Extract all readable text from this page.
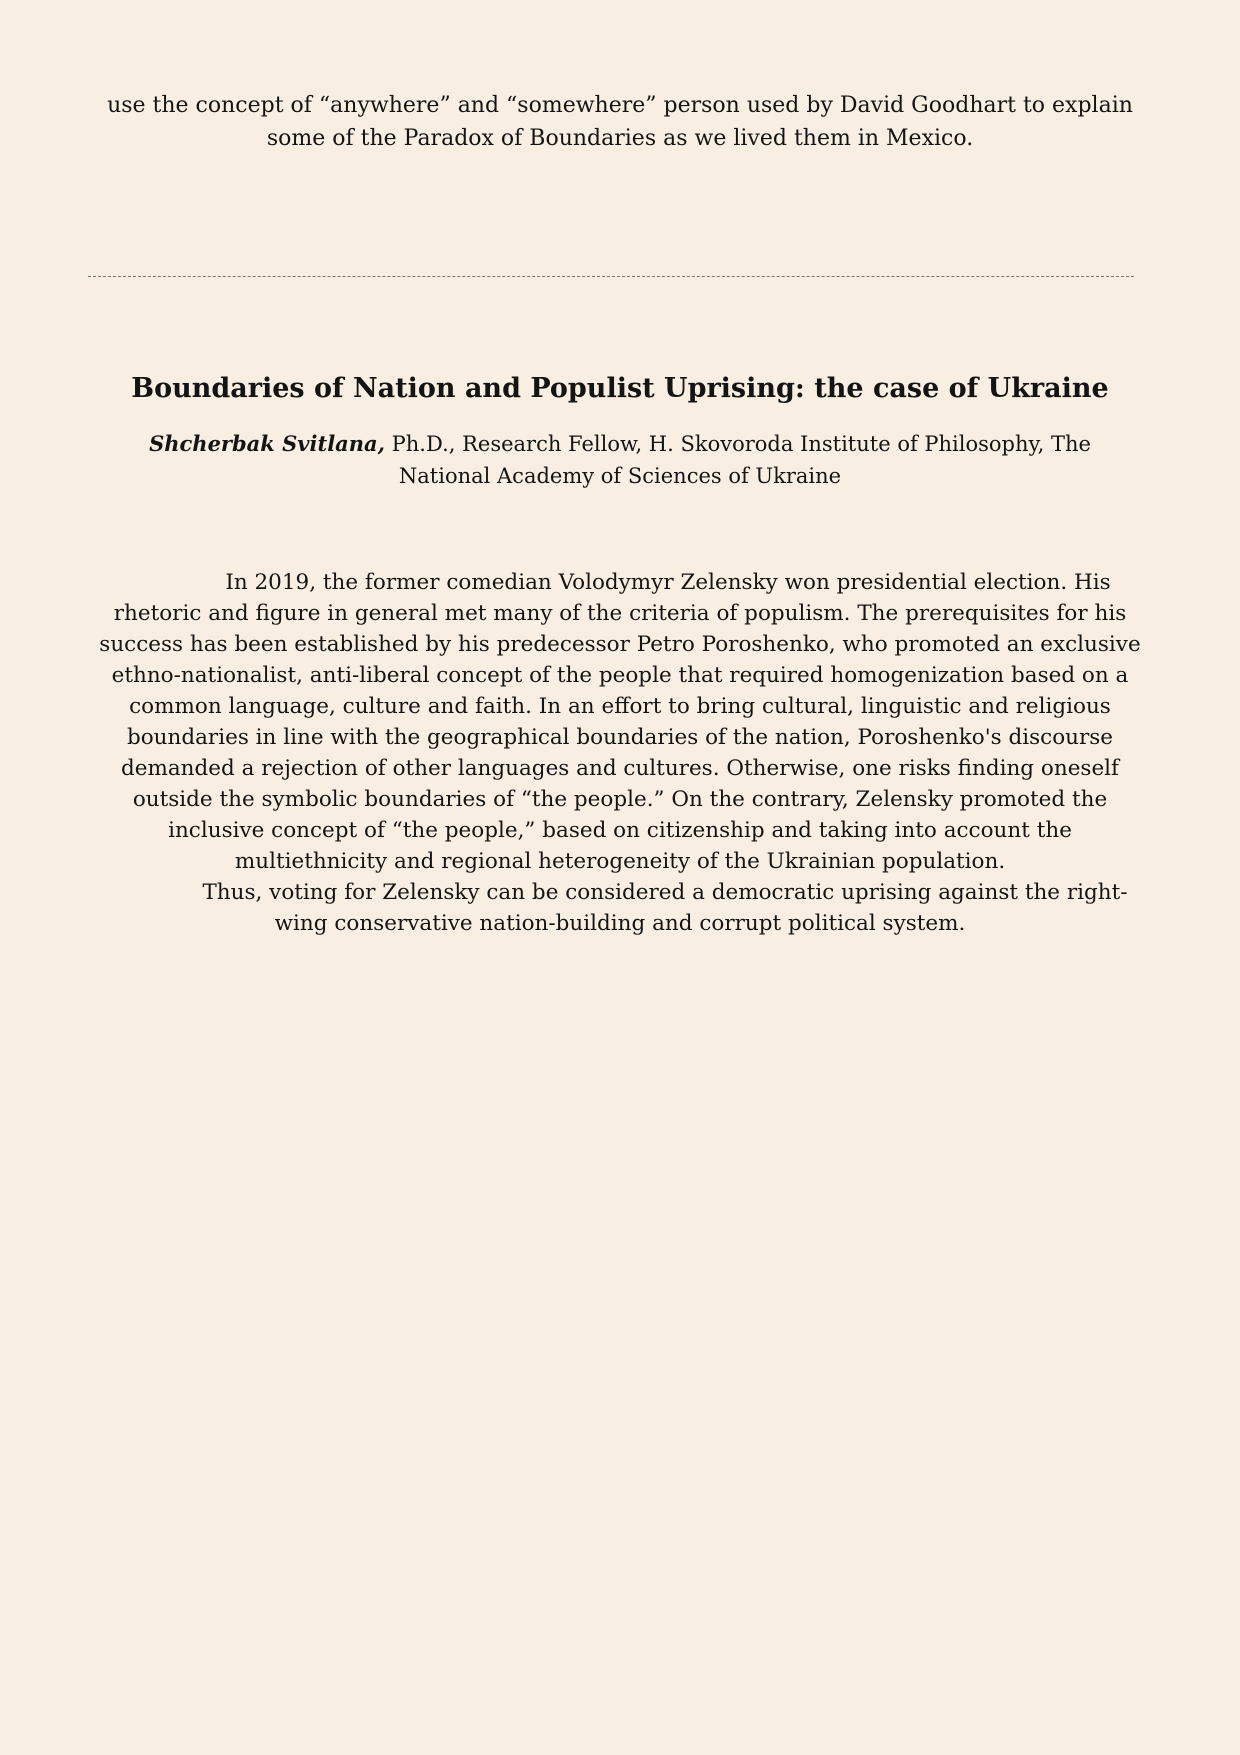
use the concept of “anywhere” and “somewhere” person used by David Goodhart to explain
some of the Paradox of Boundaries as we lived them in Mexico.
Boundaries of Nation and Populist Uprising: the case of Ukraine
Shcherbak Svitlana, Ph.D., Research Fellow, H. Skovoroda Institute of Philosophy, The
National Academy of Sciences of Ukraine

In 2019, the former comedian Volodymyr Zelensky won presidential election. His
rhetoric and figure in general met many of the criteria of populism. The prerequisites for his
success has been established by his predecessor Petro Poroshenko, who promoted an exclusive
ethno-nationalist, anti-liberal concept of the people that required homogenization based on a
common language, culture and faith. In an effort to bring cultural, linguistic and religious
boundaries in line with the geographical boundaries of the nation, Poroshenko's discourse
demanded a rejection of other languages and cultures. Otherwise, one risks finding oneself
outside the symbolic boundaries of “the people.” On the contrary, Zelensky promoted the
inclusive concept of “the people,” based on citizenship and taking into account the
multiethnicity and regional heterogeneity of the Ukrainian population.

Thus, voting for Zelensky can be considered a democratic uprising against the right-
wing conservative nation-building and corrupt political system.
